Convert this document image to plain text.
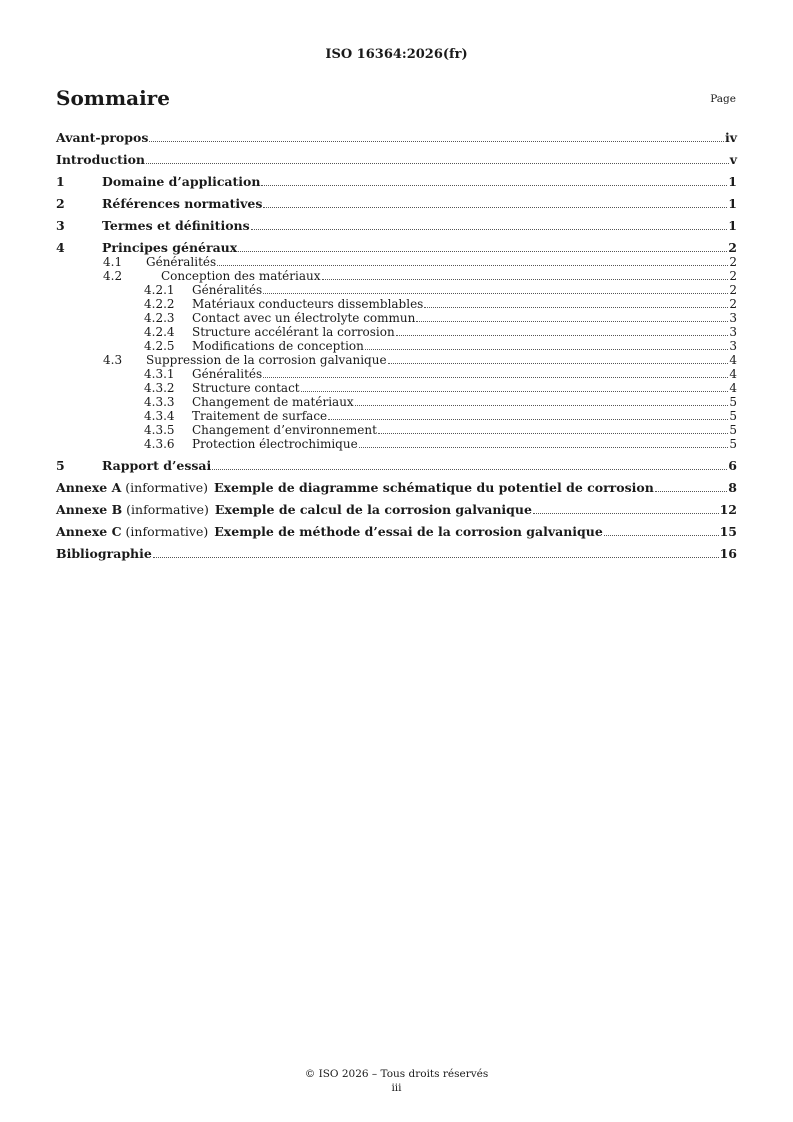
ISO 16364:2026(fr)
Sommaire	Page
Avant-propos	iv
Introduction	v
1	Domaine d’application	1
2	Références normatives	1
3	Termes et définitions	1
4	Principes généraux	2
4.1	Généralités	2
4.2	Conception des matériaux	2
4.2.1	Généralités	2
4.2.2	Matériaux conducteurs dissemblables	2
4.2.3	Contact avec un électrolyte commun	3
4.2.4	Structure accélérant la corrosion	3
4.2.5	Modifications de conception	3
4.3	Suppression de la corrosion galvanique	4
4.3.1	Généralités	4
4.3.2	Structure contact	4
4.3.3	Changement de matériaux	5
4.3.4	Traitement de surface	5
4.3.5	Changement d’environnement	5
4.3.6	Protection électrochimique	5
5	Rapport d’essai	6
Annexe A (informative) Exemple de diagramme schématique du potentiel de corrosion	8
Annexe B (informative) Exemple de calcul de la corrosion galvanique	12
Annexe C (informative) Exemple de méthode d’essai de la corrosion galvanique	15
Bibliographie	16
© ISO 2026 – Tous droits réservés
iii
